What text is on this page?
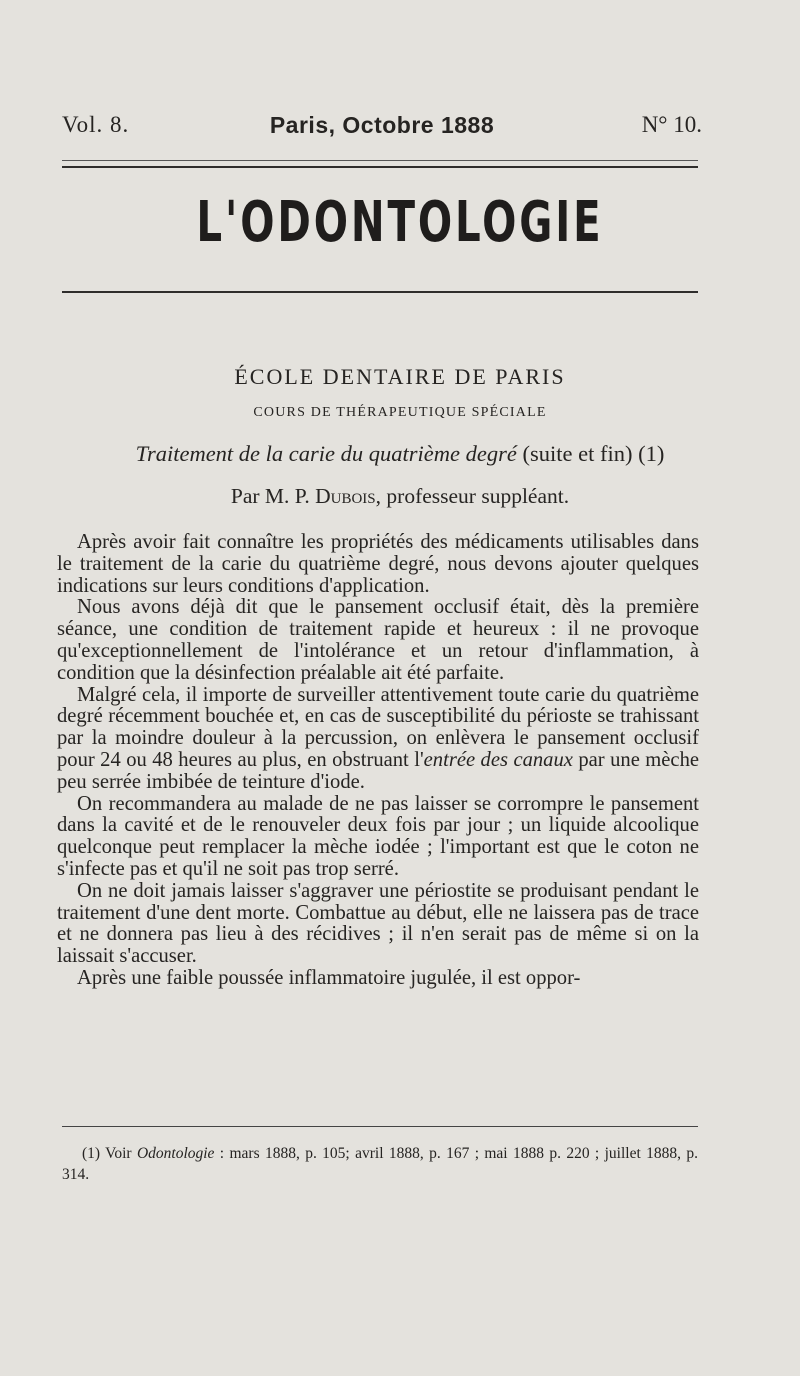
Vol. 8.	Paris, Octobre 1888	N° 10.
L'ODONTOLOGIE
ÉCOLE DENTAIRE DE PARIS
COURS DE THÉRAPEUTIQUE SPÉCIALE
Traitement de la carie du quatrième degré (suite et fin) (1)
Par M. P. Dubois, professeur suppléant.

Après avoir fait connaître les propriétés des médicaments utilisables dans le traitement de la carie du quatrième degré, nous devons ajouter quelques indications sur leurs conditions d'application.

Nous avons déjà dit que le pansement occlusif était, dès la première séance, une condition de traitement rapide et heureux : il ne provoque qu'exceptionnellement de l'intolérance et un retour d'inflammation, à condition que la désinfection préalable ait été parfaite.

Malgré cela, il importe de surveiller attentivement toute carie du quatrième degré récemment bouchée et, en cas de susceptibilité du périoste se trahissant par la moindre douleur à la percussion, on enlèvera le pansement occlusif pour 24 ou 48 heures au plus, en obstruant l'entrée des canaux par une mèche peu serrée imbibée de teinture d'iode.

On recommandera au malade de ne pas laisser se corrompre le pansement dans la cavité et de le renouveler deux fois par jour ; un liquide alcoolique quelconque peut remplacer la mèche iodée ; l'important est que le coton ne s'infecte pas et qu'il ne soit pas trop serré.

On ne doit jamais laisser s'aggraver une périostite se produisant pendant le traitement d'une dent morte. Combattue au début, elle ne laissera pas de trace et ne donnera pas lieu à des récidives ; il n'en serait pas de même si on la laissait s'accuser.

Après une faible poussée inflammatoire jugulée, il est oppor-

(1) Voir Odontologie : mars 1888, p. 105; avril 1888, p. 167 ; mai 1888 p. 220 ; juillet 1888, p. 314.
